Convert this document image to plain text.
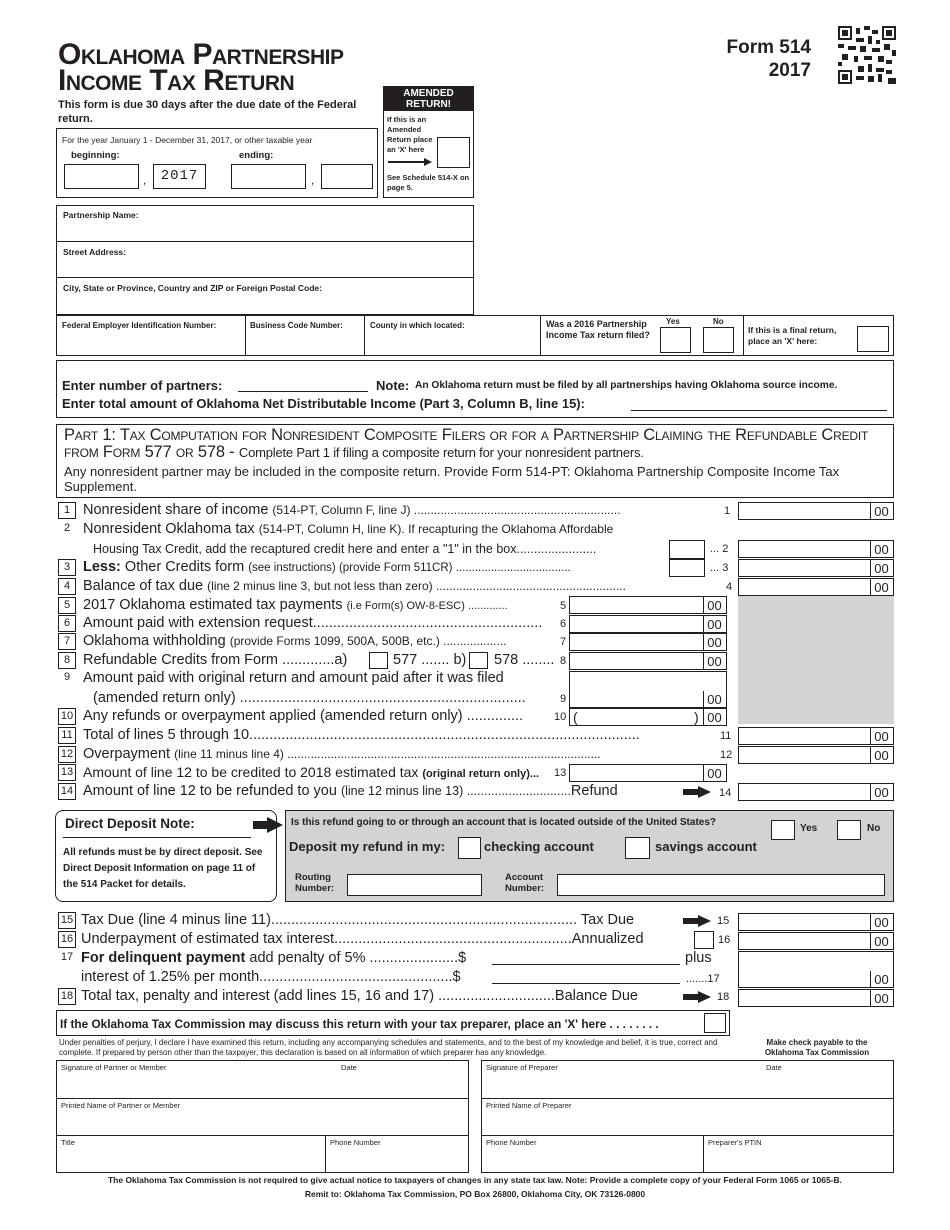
Oklahoma Partnership
Income Tax Return
This form is due 30 days after the due date of the Federal return.
Form 514
2017
For the year January 1 - December 31, 2017, or other taxable year
beginning:	ending:
,	2017	,
AMENDED RETURN!
If this is an Amended Return place an 'X' here
See Schedule 514-X on page 5.
Partnership Name:
Street Address:
City, State or Province, Country and ZIP or Foreign Postal Code:
Federal Employer Identification Number:	Business Code Number:	County in which located:	Was a 2016 Partnership Income Tax return filed?
Yes	No
If this is a final return, place an 'X' here:
Enter number of partners:	Note: An Oklahoma return must be filed by all partnerships having Oklahoma source income.
Enter total amount of Oklahoma Net Distributable Income (Part 3, Column B, line 15):
Part 1: Tax Computation for Nonresident Composite Filers or for a Partnership Claiming the Refundable Credit from Form 577 or 578 - Complete Part 1 if filing a composite return for your nonresident partners.
Any nonresident partner may be included in the composite return. Provide Form 514-PT: Oklahoma Partnership Composite Income Tax Supplement.
1 Nonresident share of income (514-PT, Column F, line J) ..............................................................	1	00
2 Nonresident Oklahoma tax (514-PT, Column H, line K). If recapturing the Oklahoma Affordable
Housing Tax Credit, add the recaptured credit here and enter a "1" in the box.......................	... 2	00
3 Less: Other Credits form (see instructions) (provide Form 511CR) ....................................	... 3	00
4 Balance of tax due (line 2 minus line 3, but not less than zero) .........................................................	4	00
5 2017 Oklahoma estimated tax payments (i.e Form(s) OW-8-ESC) .............	5	00
6 Amount paid with extension request......................................................... 6	00
7 Oklahoma withholding (provide Forms 1099, 500A, 500B, etc.) ...................	7	00
8 Refundable Credits from Form .............a)	577 ....... b) 578 ........ 8	00
9 Amount paid with original return and amount paid after it was filed
(amended return only) .......................................................................	9	00
10 Any refunds or overpayment applied (amended return only) ..............	10 (	) 00
11 Total of lines 5 through 10.................................................................................................	11	00
12 Overpayment (line 11 minus line 4) ..............................................................................................	12	00
13 Amount of line 12 to be credited to 2018 estimated tax (original return only)... 13	00
14 Amount of line 12 to be refunded to you (line 12 minus line 13) ..............................Refund	14	00
Direct Deposit Note:
All refunds must be by direct deposit. See Direct Deposit Information on page 11 of the 514 Packet for details.
Is this refund going to or through an account that is located outside of the United States?
Yes	No
Deposit my refund in my:	checking account	savings account
Routing Number:
Account Number:
15 Tax Due (line 4 minus line 11)............................................................................ Tax Due	15	00
16 Underpayment of estimated tax interest...........................................................Annualized	16	00
17 For delinquent payment add penalty of 5% ......................$	plus
interest of 1.25% per month................................................$	.......17	00
18 Total tax, penalty and interest (add lines 15, 16 and 17) .............................Balance Due	18	00
If the Oklahoma Tax Commission may discuss this return with your tax preparer, place an 'X' here . . . . . . . .
Under penalties of perjury, I declare I have examined this return, including any accompanying schedules and statements, and to the best of my knowledge and belief, it is true, correct and complete. If prepared by person other than the taxpayer, this declaration is based on all information of which preparer has any knowledge.
Make check payable to the Oklahoma Tax Commission
Signature of Partner or Member	Date
Printed Name of Partner or Member
Title	Phone Number
Signature of Preparer	Date
Printed Name of Preparer
Phone Number	Preparer's PTIN
The Oklahoma Tax Commission is not required to give actual notice to taxpayers of changes in any state tax law. Note: Provide a complete copy of your Federal Form 1065 or 1065-B.
Remit to: Oklahoma Tax Commission, PO Box 26800, Oklahoma City, OK 73126-0800
